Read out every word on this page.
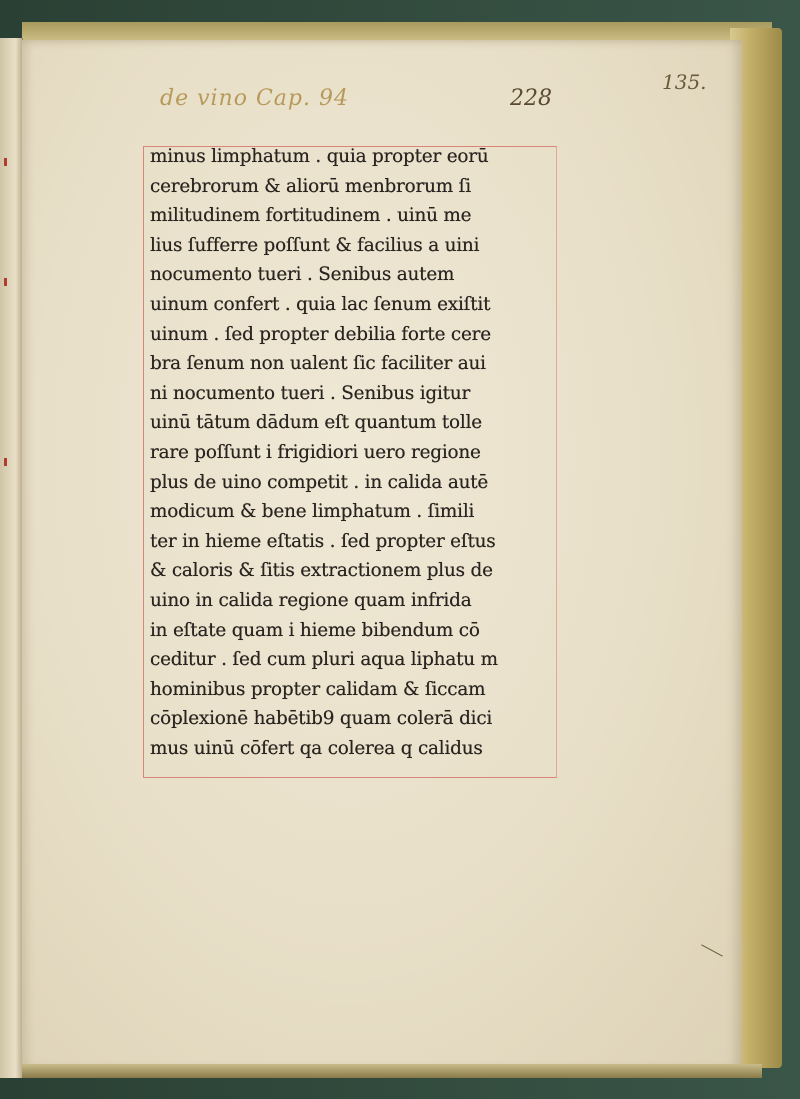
de vino Cap. 94	228
135.
minus limphatum . quia propter eorū
cerebrorum & aliorū menbrorum ſi
militudinem fortitudinem . uinū me
lius ſufferre poſſunt & facilius a uini
nocumento tueri . Senibus autem
uinum confert . quia lac ſenum exiſtit
uinum . ſed propter debilia forte cere
bra ſenum non ualent ſic faciliter aui
ni nocumento tueri . Senibus igitur
uinū tātum dādum eſt quantum tolle
rare poſſunt i frigidiori uero regione
plus de uino competit . in calida autē
modicum & bene limphatum . ſimili
ter in hieme eſtatis . ſed propter eſtus
& caloris & ſitis extractionem plus de
uino in calida regione quam infrida
in eſtate quam i hieme bibendum cō
ceditur . ſed cum pluri aqua liphatu m
hominibus propter calidam & ſiccam
cōplexionē habētib9 quam colerā dici
mus uinū cōfert qa colerea q calidus
